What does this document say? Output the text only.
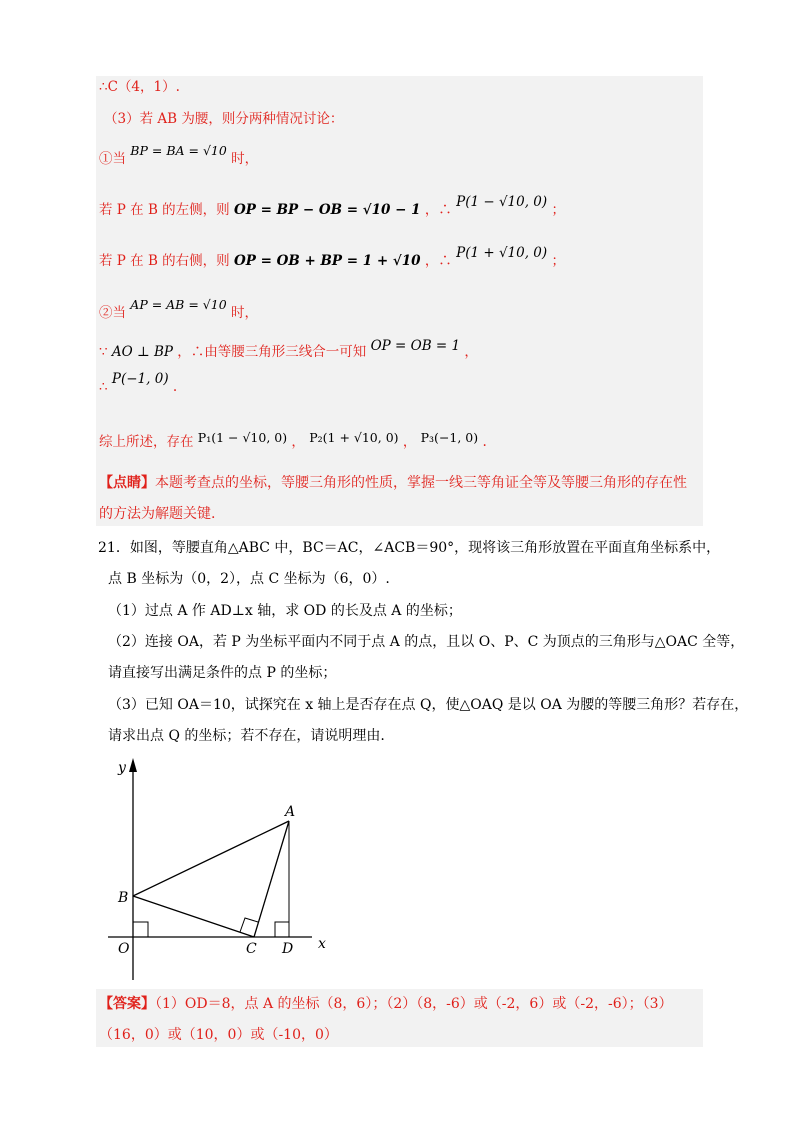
∴C（4，1）.
（3）若 AB 为腰，则分两种情况讨论：
①当 BP = BA = √10 时，
若 P 在 B 的左侧，则 OP = BP − OB = √10 − 1 ，∴ P(1 − √10, 0) ；
若 P 在 B 的右侧，则 OP = OB + BP = 1 + √10 ，∴ P(1 + √10, 0) ；
②当 AP = AB = √10 时，
∵ AO ⊥ BP ，∴由等腰三角形三线合一可知 OP = OB = 1 ，
∴ P(−1, 0) .
综上所述，存在 P₁(1 − √10, 0) ， P₂(1 + √10, 0) ， P₃(−1, 0) .
【点睛】本题考查点的坐标，等腰三角形的性质，掌握一线三等角证全等及等腰三角形的存在性
的方法为解题关键.
21．如图，等腰直角△ABC 中，BC＝AC，∠ACB＝90°，现将该三角形放置在平面直角坐标系中，
点 B 坐标为（0，2），点 C 坐标为（6，0）.
（1）过点 A 作 AD⊥x 轴，求 OD 的长及点 A 的坐标；
（2）连接 OA，若 P 为坐标平面内不同于点 A 的点，且以 O、P、C 为顶点的三角形与△OAC 全等，
请直接写出满足条件的点 P 的坐标；
（3）已知 OA＝10，试探究在 x 轴上是否存在点 Q，使△OAQ 是以 OA 为腰的等腰三角形？若存在，
请求出点 Q 的坐标；若不存在，请说明理由.
y
x
A
B
C D
O
【答案】（1）OD＝8，点 A 的坐标（8，6）；（2）（8，-6）或（-2，6）或（-2，-6）；（3）
（16，0）或（10，0）或（-10，0）
